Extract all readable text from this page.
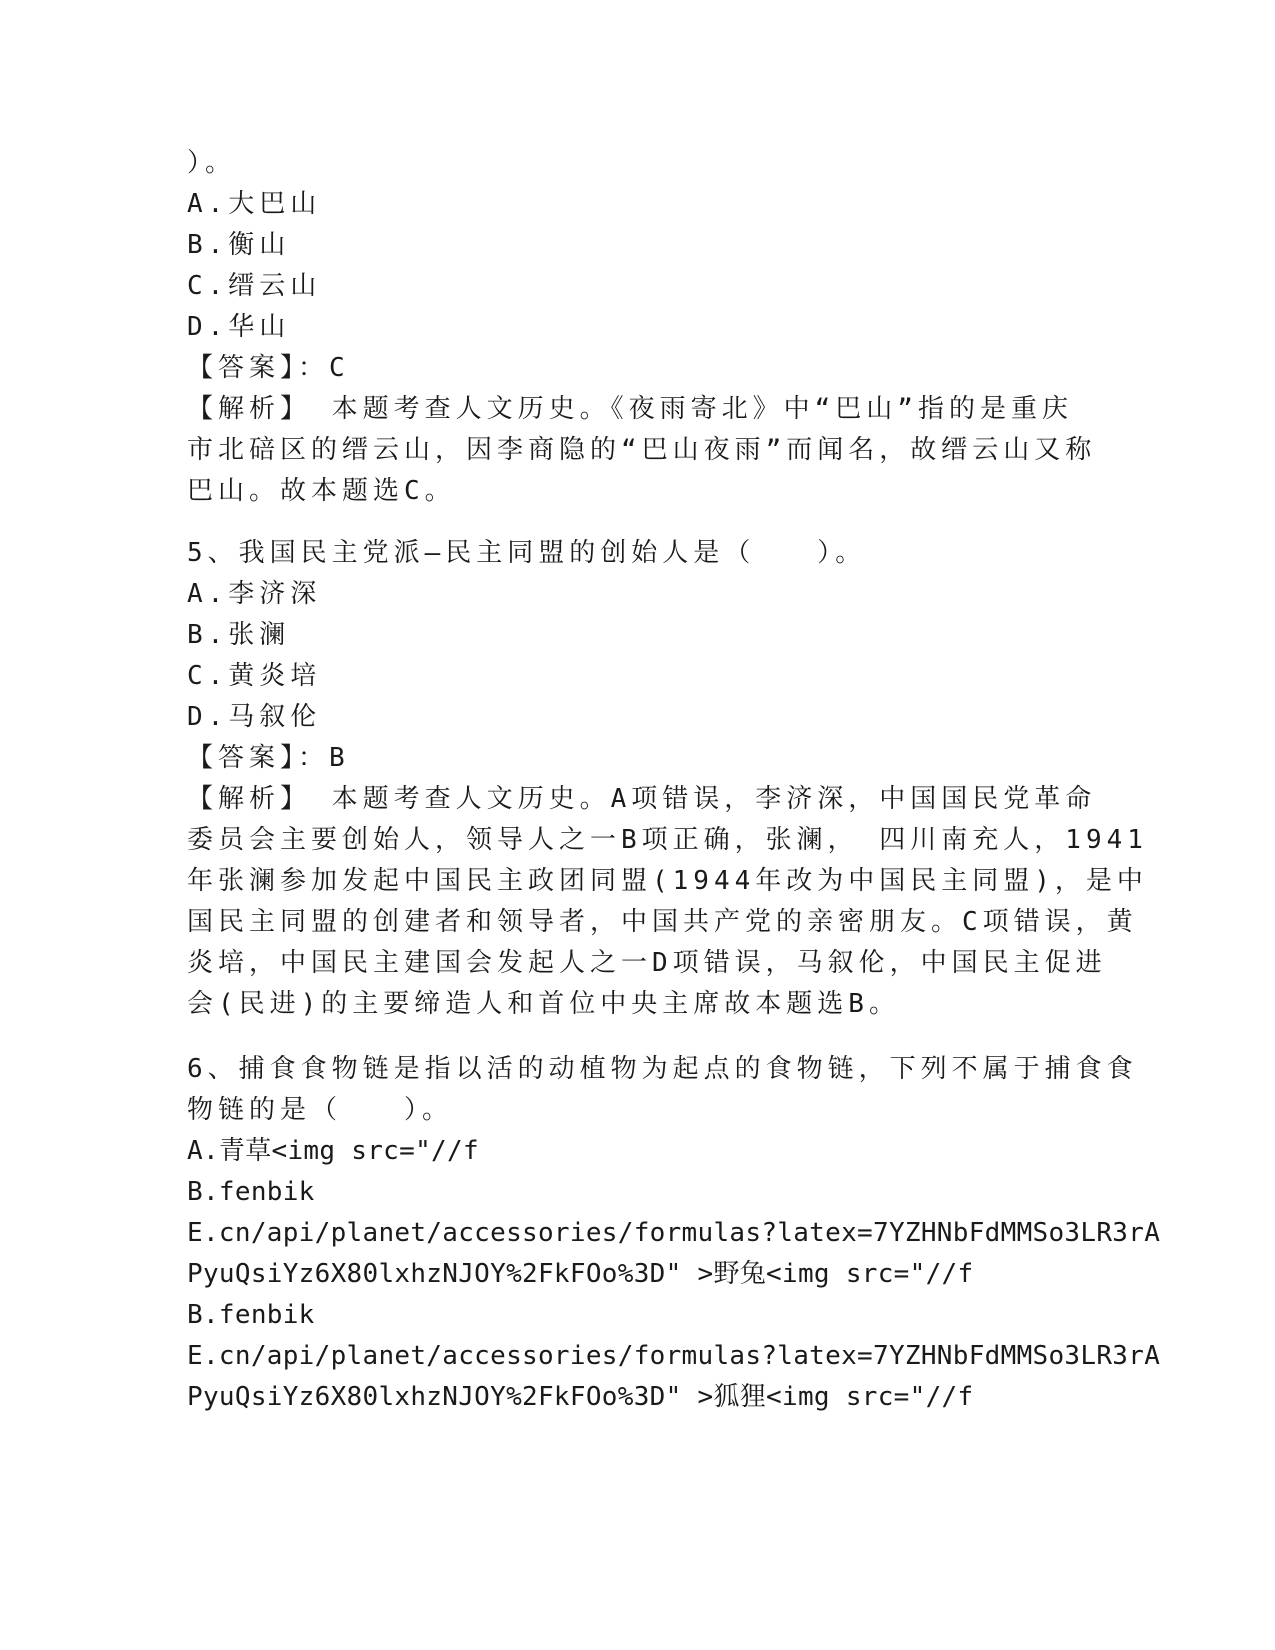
）。
A.大巴山
B.衡山
C.缙云山
D.华山
【答案】：C
【解析】 本题考查人文历史。《夜雨寄北》中“巴山”指的是重庆
市北碚区的缙云山，因李商隐的“巴山夜雨”而闻名，故缙云山又称
巴山。故本题选C。
5、我国民主党派—民主同盟的创始人是（　　）。
A.李济深
B.张澜
C.黄炎培
D.马叙伦
【答案】：B
【解析】 本题考查人文历史。A项错误，李济深，中国国民党革命
委员会主要创始人，领导人之一B项正确，张澜， 四川南充人，1941
年张澜参加发起中国民主政团同盟(1944年改为中国民主同盟)，是中
国民主同盟的创建者和领导者，中国共产党的亲密朋友。C项错误，黄
炎培，中国民主建国会发起人之一D项错误，马叙伦，中国民主促进
会(民进)的主要缔造人和首位中央主席故本题选B。
6、捕食食物链是指以活的动植物为起点的食物链，下列不属于捕食食
物链的是（　　）。
A.青草<img src="//f
B.fenbik
E.cn/api/planet/accessories/formulas?latex=7YZHNbFdMMSo3LR3rA
PyuQsiYz6X80lxhzNJOY%2FkFOo%3D" >野兔<img src="//f
B.fenbik
E.cn/api/planet/accessories/formulas?latex=7YZHNbFdMMSo3LR3rA
PyuQsiYz6X80lxhzNJOY%2FkFOo%3D" >狐狸<img src="//f
